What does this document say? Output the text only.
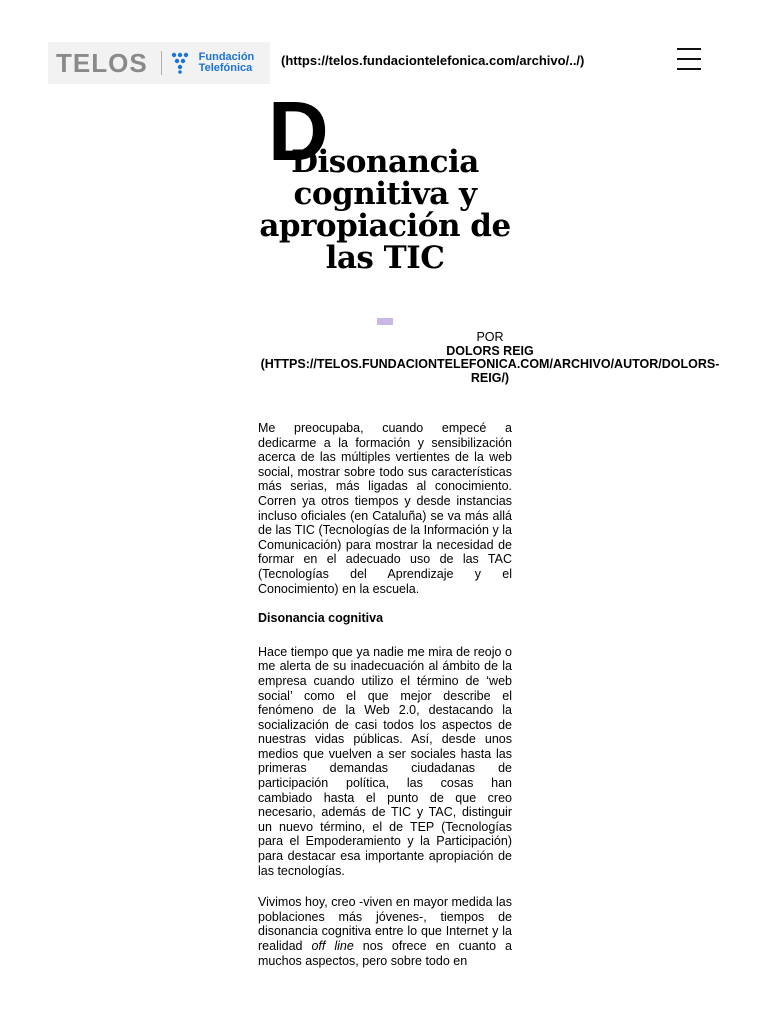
TELOS	Fundación
Telefónica (https://telos.fundaciontelefonica.com/archivo/../)
D
Disonancia cognitiva y apropiación de las TIC
POR
DOLORS REIG
(HTTPS://TELOS.FUNDACIONTELEFONICA.COM/ARCHIVO/AUTOR/DOLORS-REIG/)

Me preocupaba, cuando empecé a dedicarme a la formación y sensibilización acerca de las múltiples vertientes de la web social, mostrar sobre todo sus características más serias, más ligadas al conocimiento. Corren ya otros tiempos y desde instancias incluso oficiales (en Cataluña) se va más allá de las TIC (Tecnologías de la Información y la Comunicación) para mostrar la necesidad de formar en el adecuado uso de las TAC (Tecnologías del Aprendizaje y el Conocimiento) en la escuela.

Disonancia cognitiva

Hace tiempo que ya nadie me mira de reojo o me alerta de su inadecuación al ámbito de la empresa cuando utilizo el término de ‘web social’ como el que mejor describe el fenómeno de la Web 2.0, destacando la socialización de casi todos los aspectos de nuestras vidas públicas. Así, desde unos medios que vuelven a ser sociales hasta las primeras demandas ciudadanas de participación política, las cosas han cambiado hasta el punto de que creo necesario, además de TIC y TAC, distinguir un nuevo término, el de TEP (Tecnologías para el Empoderamiento y la Participación) para destacar esa importante apropiación de las tecnologías.

Vivimos hoy, creo -viven en mayor medida las poblaciones más jóvenes-, tiempos de disonancia cognitiva entre lo que Internet y la realidad off line nos ofrece en cuanto a muchos aspectos, pero sobre todo en
